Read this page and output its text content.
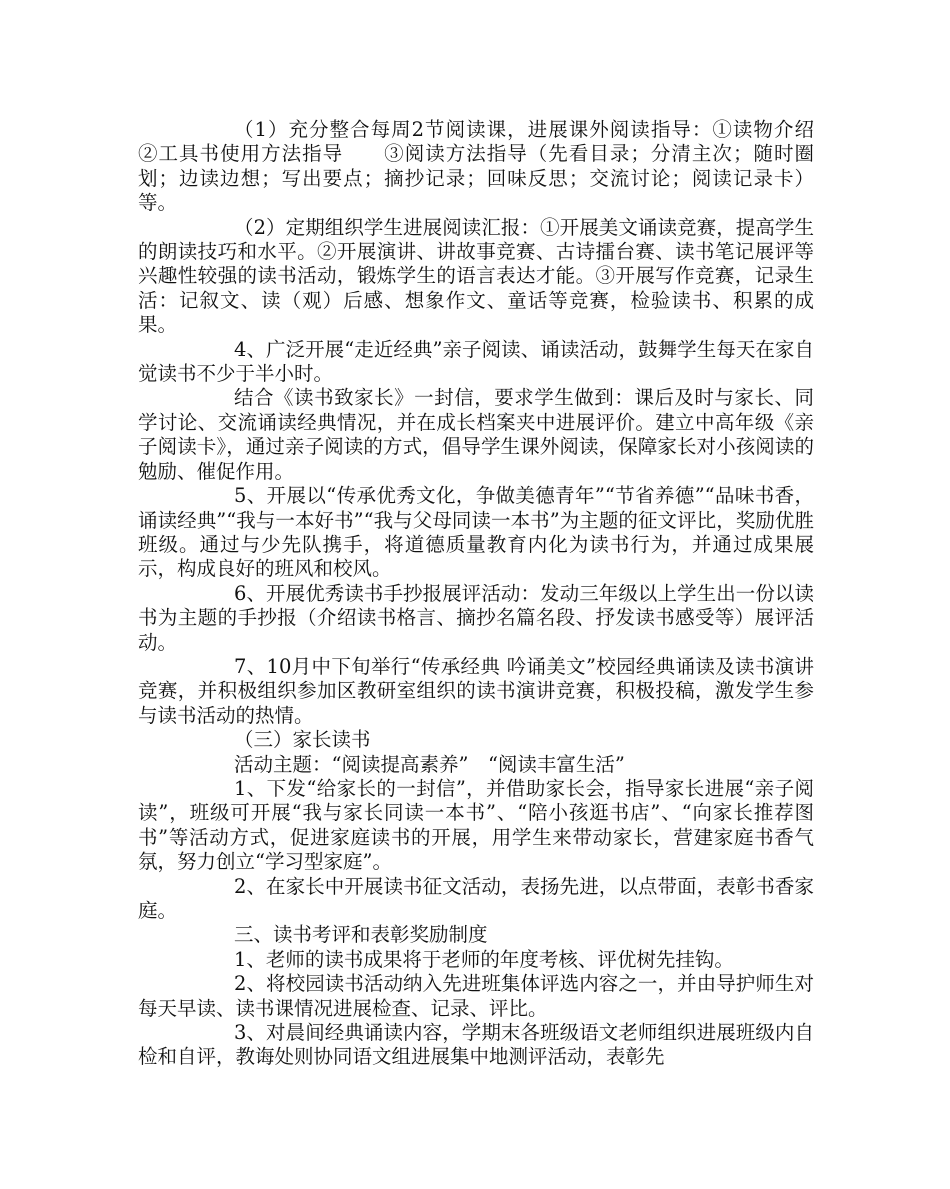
（1）充分整合每周2节阅读课，进展课外阅读指导：①读物介绍　　②工具书使用方法指导　　③阅读方法指导（先看目录；分清主次；随时圈划；边读边想；写出要点；摘抄记录；回味反思；交流讨论；阅读记录卡）等。

（2）定期组织学生进展阅读汇报：①开展美文诵读竞赛，提高学生的朗读技巧和水平。②开展演讲、讲故事竞赛、古诗擂台赛、读书笔记展评等兴趣性较强的读书活动，锻炼学生的语言表达才能。③开展写作竞赛，记录生活：记叙文、读（观）后感、想象作文、童话等竞赛，检验读书、积累的成果。

4、广泛开展“走近经典”亲子阅读、诵读活动，鼓舞学生每天在家自觉读书不少于半小时。

结合《读书致家长》一封信，要求学生做到：课后及时与家长、同学讨论、交流诵读经典情况，并在成长档案夹中进展评价。建立中高年级《亲子阅读卡》，通过亲子阅读的方式，倡导学生课外阅读，保障家长对小孩阅读的勉励、催促作用。

5、开展以“传承优秀文化，争做美德青年”“节省养德”“品味书香，诵读经典”“我与一本好书”“我与父母同读一本书”为主题的征文评比，奖励优胜班级。通过与少先队携手，将道德质量教育内化为读书行为，并通过成果展示，构成良好的班风和校风。

6、开展优秀读书手抄报展评活动：发动三年级以上学生出一份以读书为主题的手抄报（介绍读书格言、摘抄名篇名段、抒发读书感受等）展评活动。

7、10月中下旬举行“传承经典 吟诵美文”校园经典诵读及读书演讲竞赛，并积极组织参加区教研室组织的读书演讲竞赛，积极投稿，激发学生参与读书活动的热情。

（三）家长读书

活动主题：“阅读提高素养”　“阅读丰富生活”

1、下发“给家长的一封信”，并借助家长会，指导家长进展“亲子阅读”，班级可开展“我与家长同读一本书”、“陪小孩逛书店”、“向家长推荐图书”等活动方式，促进家庭读书的开展，用学生来带动家长，营建家庭书香气氛，努力创立“学习型家庭”。

2、在家长中开展读书征文活动，表扬先进，以点带面，表彰书香家庭。

三、读书考评和表彰奖励制度

1、老师的读书成果将于老师的年度考核、评优树先挂钩。

2、将校园读书活动纳入先进班集体评选内容之一，并由导护师生对每天早读、读书课情况进展检查、记录、评比。

3、对晨间经典诵读内容，学期末各班级语文老师组织进展班级内自检和自评，教诲处则协同语文组进展集中地测评活动，表彰先
